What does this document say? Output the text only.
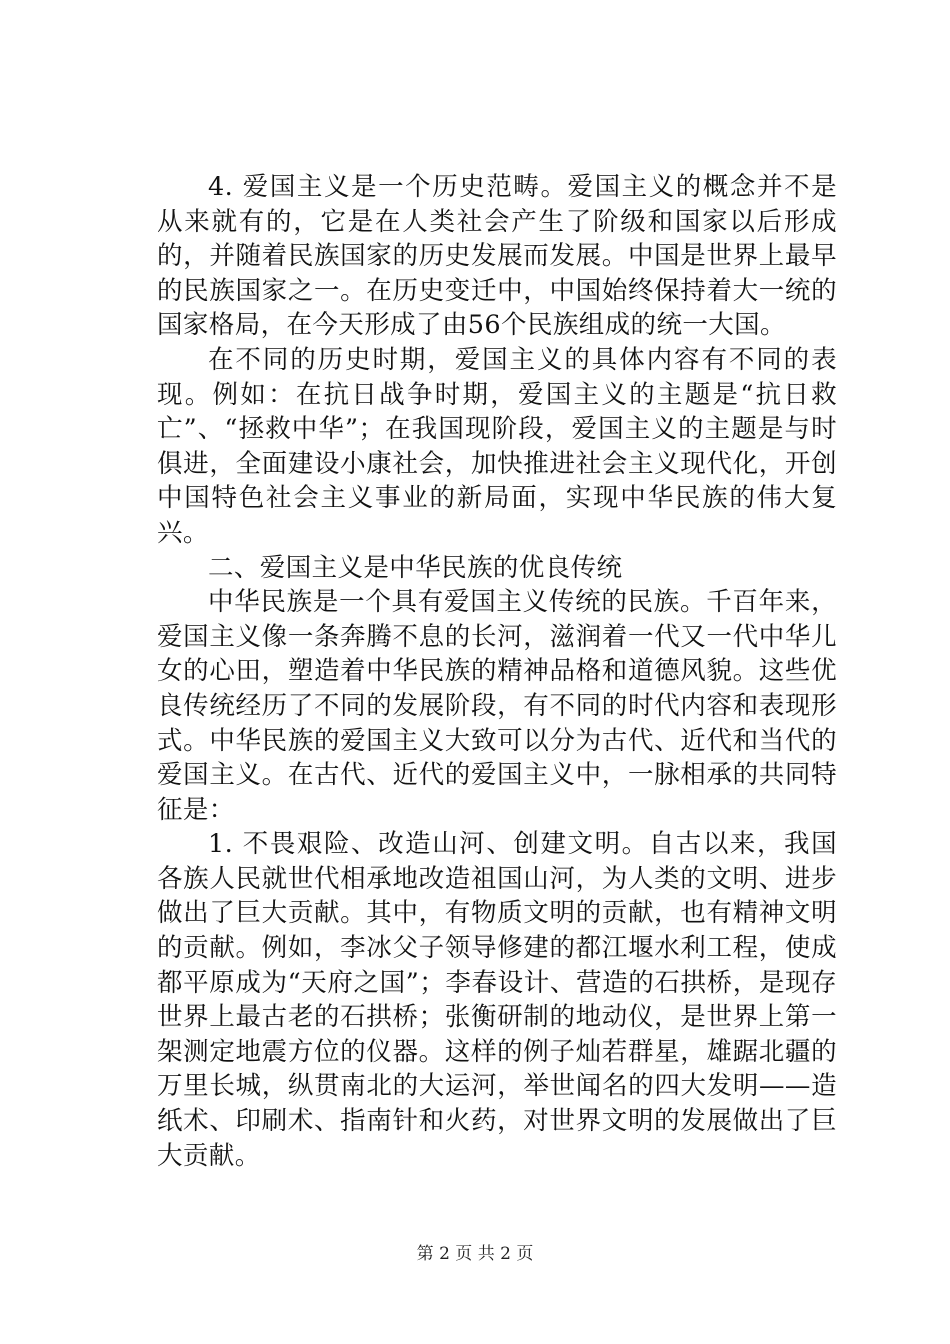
4. 爱国主义是一个历史范畴。爱国主义的概念并不是从来就有的，它是在人类社会产生了阶级和国家以后形成的，并随着民族国家的历史发展而发展。中国是世界上最早的民族国家之一。在历史变迁中，中国始终保持着大一统的国家格局，在今天形成了由56个民族组成的统一大国。

在不同的历史时期，爱国主义的具体内容有不同的表现。例如：在抗日战争时期，爱国主义的主题是“抗日救亡”、“拯救中华”；在我国现阶段，爱国主义的主题是与时俱进，全面建设小康社会，加快推进社会主义现代化，开创中国特色社会主义事业的新局面，实现中华民族的伟大复兴。

二、爱国主义是中华民族的优良传统

中华民族是一个具有爱国主义传统的民族。千百年来，爱国主义像一条奔腾不息的长河，滋润着一代又一代中华儿女的心田，塑造着中华民族的精神品格和道德风貌。这些优良传统经历了不同的发展阶段，有不同的时代内容和表现形式。中华民族的爱国主义大致可以分为古代、近代和当代的爱国主义。在古代、近代的爱国主义中，一脉相承的共同特征是：

1. 不畏艰险、改造山河、创建文明。自古以来，我国各族人民就世代相承地改造祖国山河，为人类的文明、进步做出了巨大贡献。其中，有物质文明的贡献，也有精神文明的贡献。例如，李冰父子领导修建的都江堰水利工程，使成都平原成为“天府之国”；李春设计、营造的石拱桥，是现存世界上最古老的石拱桥；张衡研制的地动仪，是世界上第一架测定地震方位的仪器。这样的例子灿若群星，雄踞北疆的万里长城，纵贯南北的大运河，举世闻名的四大发明——造纸术、印刷术、指南针和火药，对世界文明的发展做出了巨大贡献。

第 2 页 共 2 页
